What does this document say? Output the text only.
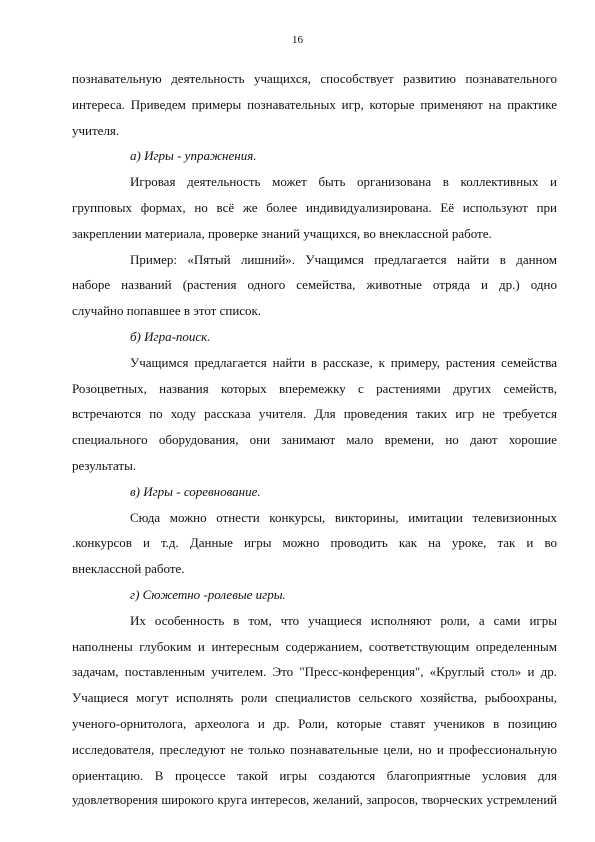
16
познавательную деятельность учащихся, способствует развитию познавательного
интереса. Приведем примеры познавательных игр, которые применяют на практике
учителя.
а) Игры - упражнения.
Игровая деятельность может быть организована в коллективных и
групповых формах, но всё же более индивидуализирована. Её используют при
закреплении материала, проверке знаний учащихся, во внеклассной работе.
Пример: «Пятый лишний». Учащимся предлагается найти в данном
наборе названий (растения одного семейства, животные отряда и др.) одно
случайно попавшее в этот список.
б) Игра-поиск.
Учащимся предлагается найти в рассказе, к примеру, растения семейства
Розоцветных, названия которых вперемежку с растениями других семейств,
встречаются по ходу рассказа учителя. Для проведения таких игр не требуется
специального оборудования, они занимают мало времени, но дают хорошие
результаты.
в) Игры - соревнование.
Сюда можно отнести конкурсы, викторины, имитации телевизионных
.конкурсов и т.д. Данные игры можно проводить как на уроке, так и во
внеклассной работе.
г) Сюжетно -ролевые игры.
Их особенность в том, что учащиеся исполняют роли, а сами игры
наполнены глубоким и интересным содержанием, соответствующим определенным
задачам, поставленным учителем. Это "Пресс-конференция", «Круглый стол» и др.
Учащиеся могут исполнять роли специалистов сельского хозяйства, рыбоохраны,
ученого-орнитолога, археолога и др. Роли, которые ставят учеников в позицию
исследователя, преследуют не только познавательные цели, но и профессиональную
ориентацию. В процессе такой игры создаются благоприятные условия для
удовлетворения широкого круга интересов, желаний, запросов, творческих устремлений
